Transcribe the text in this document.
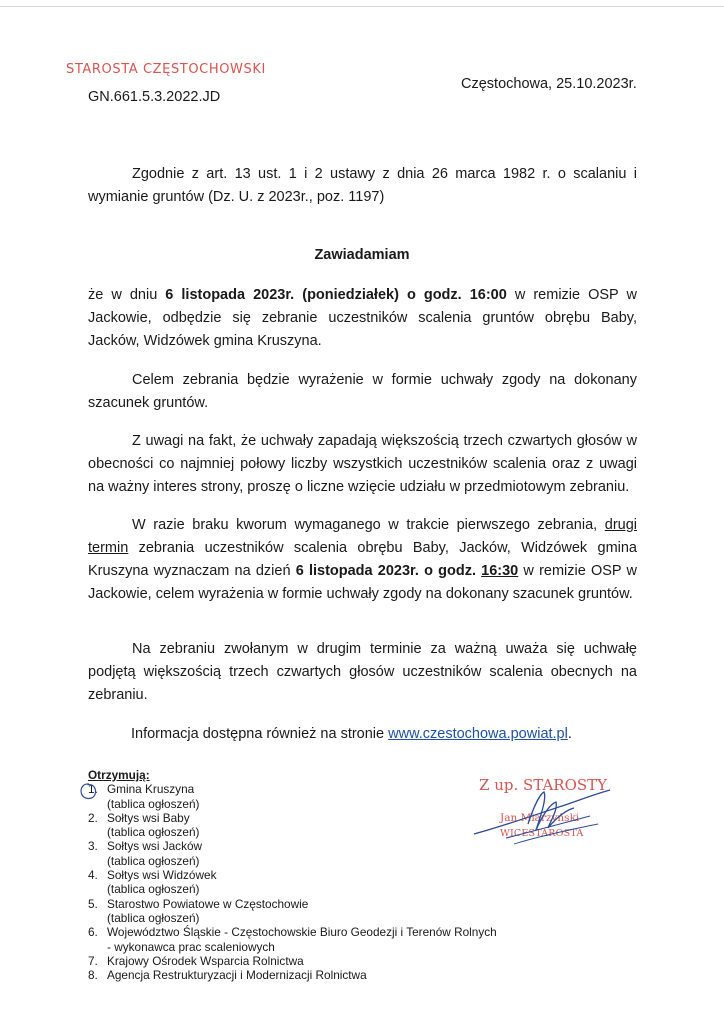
STAROSTA CZĘSTOCHOWSKI
GN.661.5.3.2022.JD
Częstochowa, 25.10.2023r.
Zgodnie z art. 13 ust. 1 i 2 ustawy z dnia 26 marca 1982 r. o scalaniu i wymianie gruntów (Dz. U. z 2023r., poz. 1197)
Zawiadamiam
że w dniu 6 listopada 2023r. (poniedziałek) o godz. 16:00 w remizie OSP w Jackowie, odbędzie się zebranie uczestników scalenia gruntów obrębu Baby, Jacków, Widzówek gmina Kruszyna.
Celem zebrania będzie wyrażenie w formie uchwały zgody na dokonany szacunek gruntów.
Z uwagi na fakt, że uchwały zapadają większością trzech czwartych głosów w obecności co najmniej połowy liczby wszystkich uczestników scalenia oraz z uwagi na ważny interes strony, proszę o liczne wzięcie udziału w przedmiotowym zebraniu.
W razie braku kworum wymaganego w trakcie pierwszego zebrania, drugi termin zebrania uczestników scalenia obrębu Baby, Jacków, Widzówek gmina Kruszyna wyznaczam na dzień 6 listopada 2023r. o godz. 16:30 w remizie OSP w Jackowie, celem wyrażenia w formie uchwały zgody na dokonany szacunek gruntów.
Na zebraniu zwołanym w drugim terminie za ważną uważa się uchwałę podjętą większością trzech czwartych głosów uczestników scalenia obecnych na zebraniu.
Informacja dostępna również na stronie www.czestochowa.powiat.pl.
Otrzymują:
1. Gmina Kruszyna
(tablica ogłoszeń)
2. Sołtys wsi Baby
(tablica ogłoszeń)
3. Sołtys wsi Jacków
(tablica ogłoszeń)
4. Sołtys wsi Widzówek
(tablica ogłoszeń)
5. Starostwo Powiatowe w Częstochowie
(tablica ogłoszeń)
6. Województwo Śląskie - Częstochowskie Biuro Geodezji i Terenów Rolnych
- wykonawca prac scaleniowych
7. Krajowy Ośrodek Wsparcia Rolnictwa
8. Agencja Restrukturyzacji i Modernizacji Rolnictwa
Z up. STAROSTY
Jan Miarzyński
WICESTAROSTA
